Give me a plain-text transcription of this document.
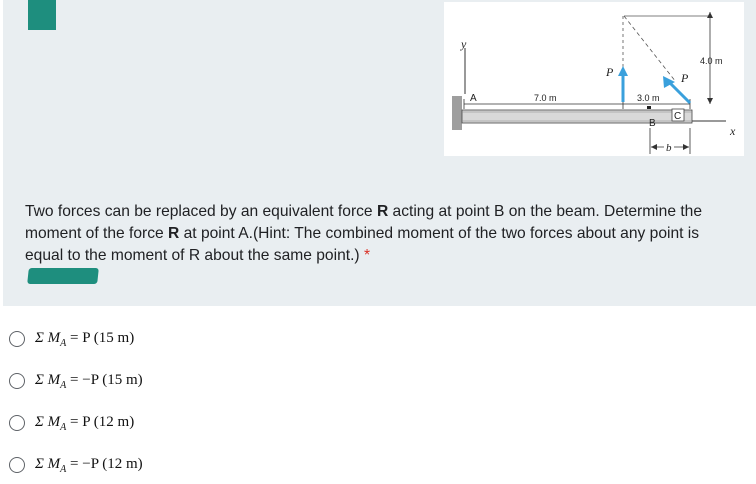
y
x
A	7.0 m	3.0 m
B
C
P	P
4.0 m
b
Two forces can be replaced by an equivalent force R acting at point B on the beam. Determine the moment of the force R at point A.(Hint: The combined moment of the two forces about any point is equal to the moment of R about the same point.) *
Σ $M_A = P$ (15 m)
Σ $M_A = -P$ (15 m)
Σ $M_A = P$ (12 m)
Σ $M_A = -P$ (12 m)
